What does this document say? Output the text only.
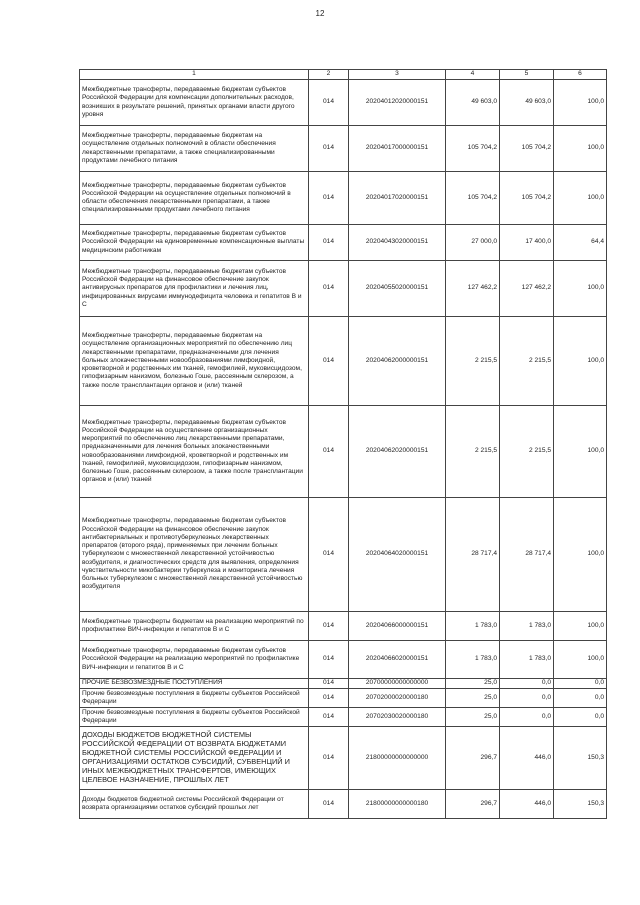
12
1	2	3	4	5	6
Межбюджетные трансферты, передаваемые бюджетам субъектов Российской Федерации для компенсации дополнительных расходов, возникших в результате решений, принятых органами власти другого уровня	014	20204012020000151	49 603,0	49 603,0	100,0
Межбюджетные трансферты, передаваемые бюджетам на осуществление отдельных полномочий в области обеспечения лекарственными препаратами, а также специализированными продуктами лечебного питания	014	20204017000000151	105 704,2	105 704,2	100,0
Межбюджетные трансферты, передаваемые бюджетам субъектов Российской Федерации на осуществление отдельных полномочий в области обеспечения лекарственными препаратами, а также специализированными продуктами лечебного питания	014	20204017020000151	105 704,2	105 704,2	100,0
Межбюджетные трансферты, передаваемые бюджетам субъектов Российской Федерации на единовременные компенсационные выплаты медицинским работникам	014	20204043020000151	27 000,0	17 400,0	64,4
Межбюджетные трансферты, передаваемые бюджетам субъектов Российской Федерации на финансовое обеспечение закупок антивирусных препаратов для профилактики и лечения лиц, инфицированных вирусами иммунодефицита человека и гепатитов В и С	014	20204055020000151	127 462,2	127 462,2	100,0
Межбюджетные трансферты, передаваемые бюджетам на осуществление организационных мероприятий по обеспечению лиц лекарственными препаратами, предназначенными для лечения больных злокачественными новообразованиями лимфоидной, кроветворной и родственных им тканей, гемофилией, муковисцидозом, гипофизарным нанизмом, болезнью Гоше, рассеянным склерозом, а также после трансплантации органов и (или) тканей	014	20204062000000151	2 215,5	2 215,5	100,0
Межбюджетные трансферты, передаваемые бюджетам субъектов Российской Федерации на осуществление организационных мероприятий по обеспечению лиц лекарственными препаратами, предназначенными для лечения больных злокачественными новообразованиями лимфоидной, кроветворной и родственных им тканей, гемофилией, муковисцидозом, гипофизарным нанизмом, болезнью Гоше, рассеянным склерозом, а также после трансплантации органов и (или) тканей	014	20204062020000151	2 215,5	2 215,5	100,0
Межбюджетные трансферты, передаваемые бюджетам субъектов Российской Федерации на финансовое обеспечение закупок антибактериальных и противотуберкулезных лекарственных препаратов (второго ряда), применяемых при лечении больных туберкулезом с множественной лекарственной устойчивостью возбудителя, и диагностических средств для выявления, определения чувствительности микобактерии туберкулеза и мониторинга лечения больных туберкулезом с множественной лекарственной устойчивостью возбудителя	014	20204064020000151	28 717,4	28 717,4	100,0
Межбюджетные трансферты бюджетам на реализацию мероприятий по профилактике ВИЧ-инфекции и гепатитов В и С	014	20204066000000151	1 783,0	1 783,0	100,0
Межбюджетные трансферты, передаваемые бюджетам субъектов Российской Федерации на реализацию мероприятий по профилактике ВИЧ-инфекции и гепатитов В и С	014	20204066020000151	1 783,0	1 783,0	100,0
ПРОЧИЕ БЕЗВОЗМЕЗДНЫЕ ПОСТУПЛЕНИЯ	014	20700000000000000	25,0	0,0	0,0
Прочие безвозмездные поступления в бюджеты субъектов Российской Федерации	014	20702000020000180	25,0	0,0	0,0
Прочие безвозмездные поступления в бюджеты субъектов Российской Федерации	014	20702030020000180	25,0	0,0	0,0
ДОХОДЫ БЮДЖЕТОВ БЮДЖЕТНОЙ СИСТЕМЫ РОССИЙСКОЙ ФЕДЕРАЦИИ ОТ ВОЗВРАТА БЮДЖЕТАМИ БЮДЖЕТНОЙ СИСТЕМЫ РОССИЙСКОЙ ФЕДЕРАЦИИ И ОРГАНИЗАЦИЯМИ ОСТАТКОВ СУБСИДИЙ, СУБВЕНЦИЙ И ИНЫХ МЕЖБЮДЖЕТНЫХ ТРАНСФЕРТОВ, ИМЕЮЩИХ ЦЕЛЕВОЕ НАЗНАЧЕНИЕ, ПРОШЛЫХ ЛЕТ	014	21800000000000000	296,7	446,0	150,3
Доходы бюджетов бюджетной системы Российской Федерации от возврата организациями остатков субсидий прошлых лет	014	21800000000000180	296,7	446,0	150,3
